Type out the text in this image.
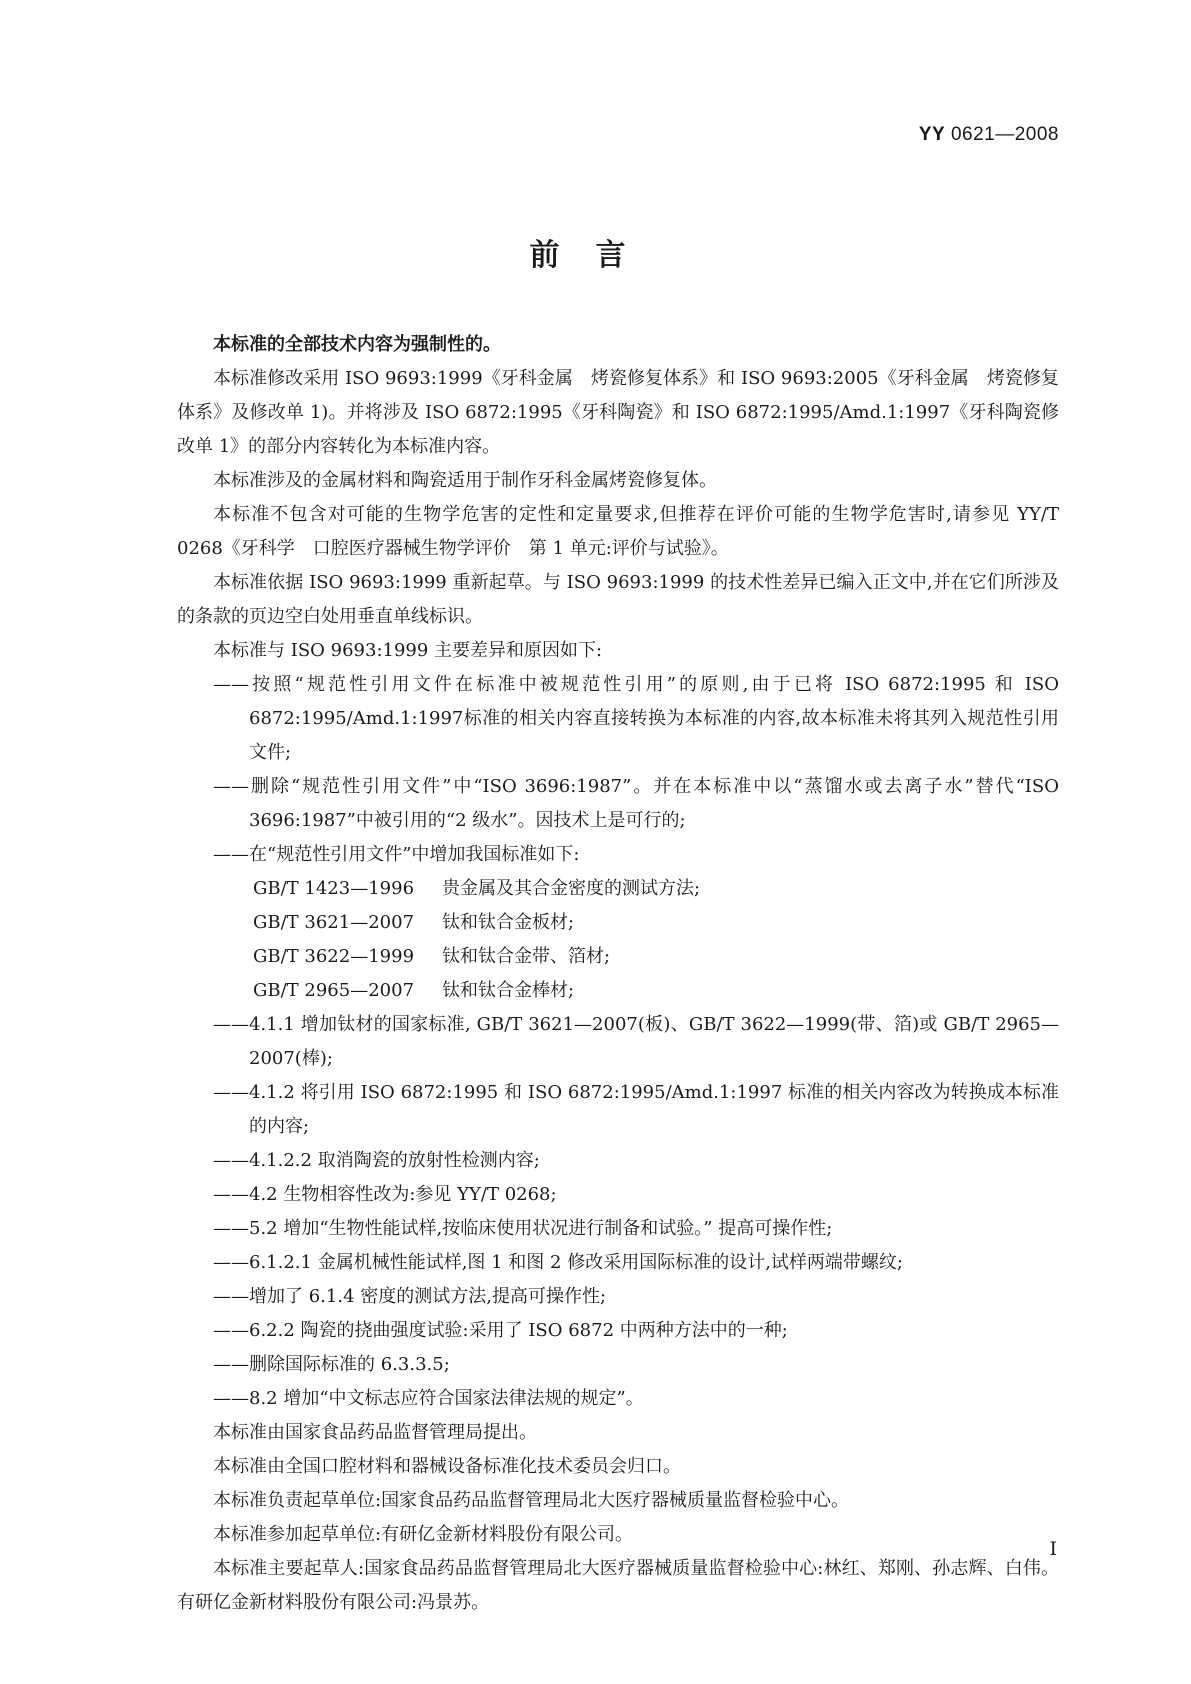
YY 0621—2008
前言

本标准的全部技术内容为强制性的。

本标准修改采用 ISO 9693:1999《牙科金属　烤瓷修复体系》和 ISO 9693:2005《牙科金属　烤瓷修复体系》及修改单 1)。并将涉及 ISO 6872:1995《牙科陶瓷》和 ISO 6872:1995/Amd.1:1997《牙科陶瓷修改单 1》的部分内容转化为本标准内容。

本标准涉及的金属材料和陶瓷适用于制作牙科金属烤瓷修复体。

本标准不包含对可能的生物学危害的定性和定量要求,但推荐在评价可能的生物学危害时,请参见 YY/T 0268《牙科学　口腔医疗器械生物学评价　第 1 单元:评价与试验》。

本标准依据 ISO 9693:1999 重新起草。与 ISO 9693:1999 的技术性差异已编入正文中,并在它们所涉及的条款的页边空白处用垂直单线标识。

本标准与 ISO 9693:1999 主要差异和原因如下:

——按照“规范性引用文件在标准中被规范性引用”的原则,由于已将 ISO 6872:1995 和 ISO 6872:1995/Amd.1:1997标准的相关内容直接转换为本标准的内容,故本标准未将其列入规范性引用文件;

——删除“规范性引用文件”中“ISO 3696:1987”。并在本标准中以“蒸馏水或去离子水”替代“ISO 3696:1987”中被引用的“2 级水”。因技术上是可行的;

——在“规范性引用文件”中增加我国标准如下:

GB/T 1423—1996	贵金属及其合金密度的测试方法;
GB/T 3621—2007	钛和钛合金板材;
GB/T 3622—1999	钛和钛合金带、箔材;
GB/T 2965—2007	钛和钛合金棒材;

——4.1.1 增加钛材的国家标准, GB/T 3621—2007(板)、GB/T 3622—1999(带、箔)或 GB/T 2965—2007(棒);

——4.1.2 将引用 ISO 6872:1995 和 ISO 6872:1995/Amd.1:1997 标准的相关内容改为转换成本标准的内容;

——4.1.2.2 取消陶瓷的放射性检测内容;

——4.2 生物相容性改为:参见 YY/T 0268;

——5.2 增加“生物性能试样,按临床使用状况进行制备和试验。” 提高可操作性;

——6.1.2.1 金属机械性能试样,图 1 和图 2 修改采用国际标准的设计,试样两端带螺纹;

——增加了 6.1.4 密度的测试方法,提高可操作性;

——6.2.2 陶瓷的挠曲强度试验:采用了 ISO 6872 中两种方法中的一种;

——删除国际标准的 6.3.3.5;

——8.2 增加“中文标志应符合国家法律法规的规定”。

本标准由国家食品药品监督管理局提出。

本标准由全国口腔材料和器械设备标准化技术委员会归口。

本标准负责起草单位:国家食品药品监督管理局北大医疗器械质量监督检验中心。

本标准参加起草单位:有研亿金新材料股份有限公司。

本标准主要起草人:国家食品药品监督管理局北大医疗器械质量监督检验中心:林红、郑刚、孙志辉、白伟。有研亿金新材料股份有限公司:冯景苏。

I
